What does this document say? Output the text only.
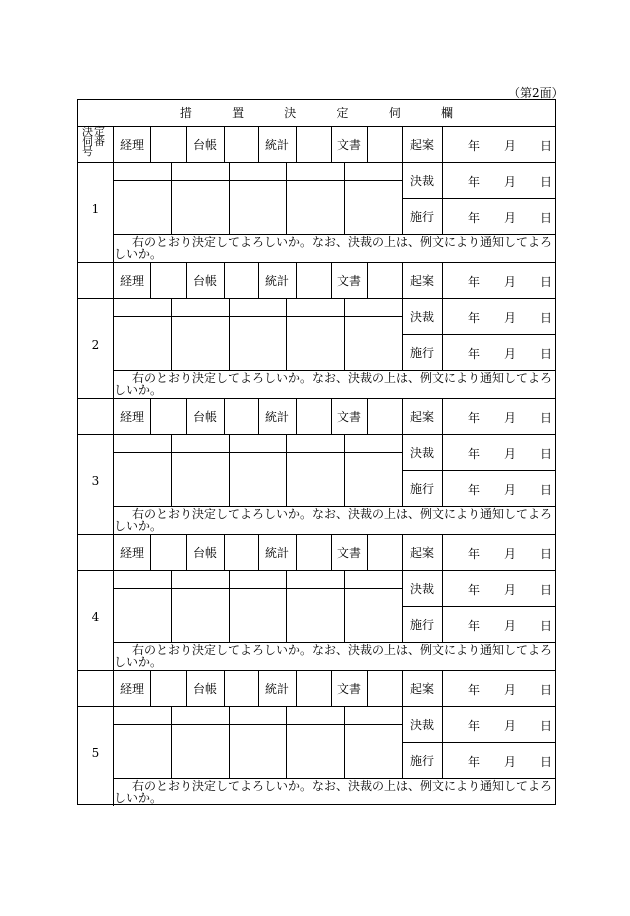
（第2面）
措	置	決	定	伺	欄
決定
伺番
号	経理	台帳	統計	文書	起案	年 月 日
決裁	年 月 日
施行	年 月 日
1
右のとおり決定してよろしいか。なお、決裁の上は、例文により通知してよろしいか。
経理	台帳	統計	文書	起案	年 月 日
決裁	年 月 日
施行	年 月 日
2
右のとおり決定してよろしいか。なお、決裁の上は、例文により通知してよろしいか。
経理	台帳	統計	文書	起案	年 月 日
決裁	年 月 日
施行	年 月 日
3
右のとおり決定してよろしいか。なお、決裁の上は、例文により通知してよろしいか。
経理	台帳	統計	文書	起案	年 月 日
決裁	年 月 日
施行	年 月 日
4
右のとおり決定してよろしいか。なお、決裁の上は、例文により通知してよろしいか。
経理	台帳	統計	文書	起案	年 月 日
決裁	年 月 日
施行	年 月 日
5
右のとおり決定してよろしいか。なお、決裁の上は、例文により通知してよろしいか。
